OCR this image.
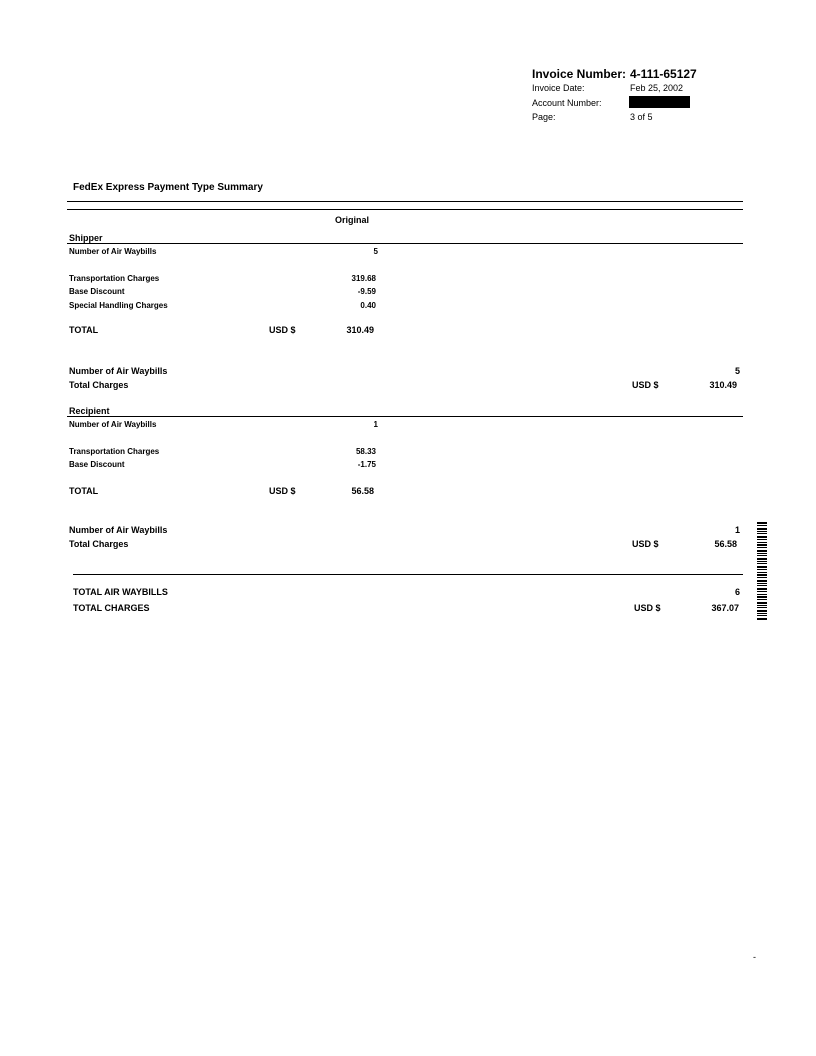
Invoice Number: 4-111-65127
Invoice Date:	Feb 25, 2002
Account Number:
Page:	3 of 5
FedEx Express Payment Type Summary
Original
Shipper
Number of Air Waybills	5
Transportation Charges	319.68
Base Discount	-9.59
Special Handling Charges	0.40
TOTAL	USD $	310.49
Number of Air Waybills	5
Total Charges	USD $	310.49
Recipient
Number of Air Waybills	1
Transportation Charges	58.33
Base Discount	-1.75
TOTAL	USD $	56.58
Number of Air Waybills	1
Total Charges	USD $	56.58
TOTAL AIR WAYBILLS	6
TOTAL CHARGES	USD $	367.07
-
